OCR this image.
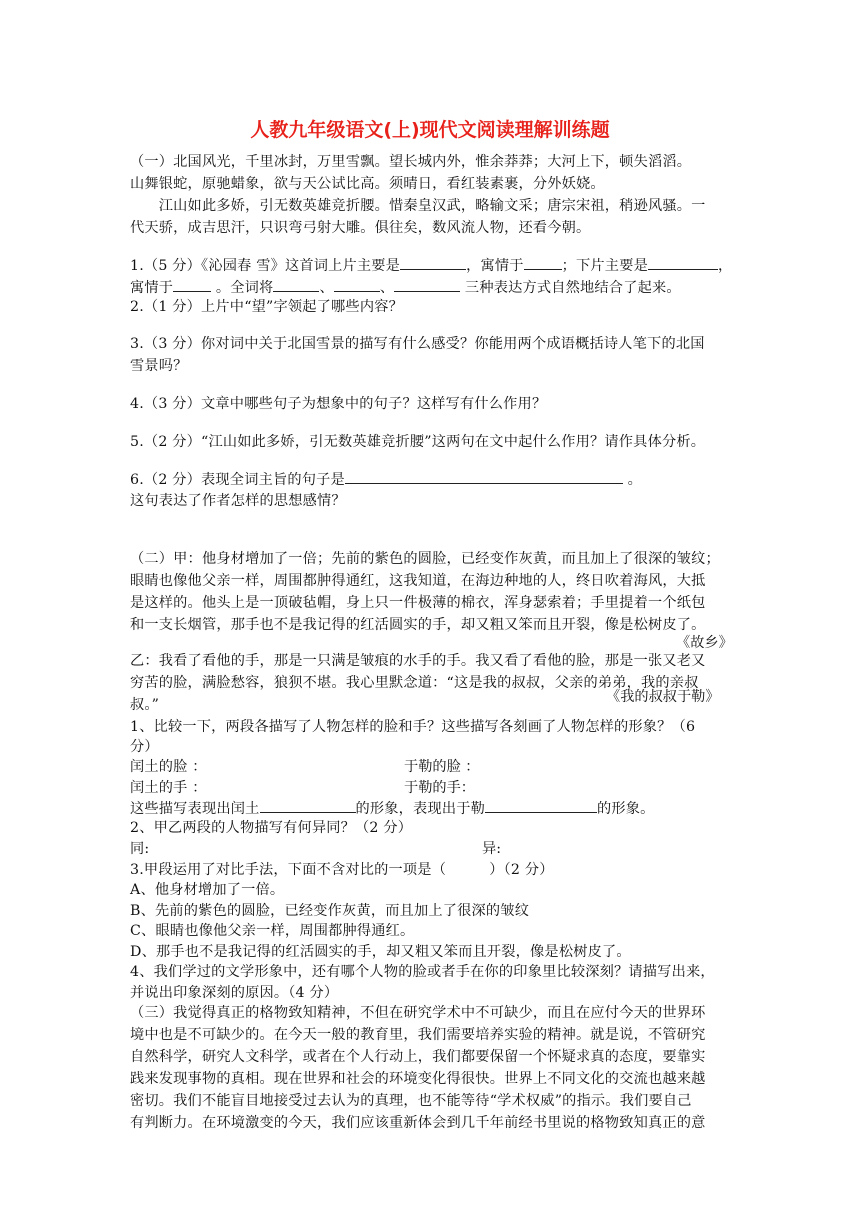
人教九年级语文(上)现代文阅读理解训练题
（一）北国风光，千里冰封，万里雪飘。望长城内外，惟余莽莽；大河上下，顿失滔滔。
山舞银蛇，原驰蜡象，欲与天公试比高。须晴日，看红装素裹，分外妖娆。
　　江山如此多娇，引无数英雄竞折腰。惜秦皇汉武，略输文采；唐宗宋祖，稍逊风骚。一
代天骄，成吉思汗，只识弯弓射大雕。俱往矣，数风流人物，还看今朝。
1.（5 分）《沁园春 雪》这首词上片主要是	，寓情于	；下片主要是	，
寓情于	。全词将	、	、	三种表达方式自然地结合了起来。
2.（1 分）上片中“望”字领起了哪些内容？
3.（3 分）你对词中关于北国雪景的描写有什么感受？你能用两个成语概括诗人笔下的北国
雪景吗？
4.（3 分）文章中哪些句子为想象中的句子？这样写有什么作用？
5.（2 分）“江山如此多娇，引无数英雄竞折腰”这两句在文中起什么作用？请作具体分析。
6.（2 分）表现全词主旨的句子是	。
这句表达了作者怎样的思想感情？
（二）甲：他身材增加了一倍；先前的紫色的圆脸，已经变作灰黄，而且加上了很深的皱纹；
眼睛也像他父亲一样，周围都肿得通红，这我知道，在海边种地的人，终日吹着海风，大抵
是这样的。他头上是一顶破毡帽，身上只一件极薄的棉衣，浑身瑟索着；手里提着一个纸包
和一支长烟管，那手也不是我记得的红活圆实的手，却又粗又笨而且开裂，像是松树皮了。
《故乡》
乙：我看了看他的手，那是一只满是皱痕的水手的手。我又看了看他的脸，那是一张又老又
穷苦的脸，满脸愁容，狼狈不堪。我心里默念道：“这是我的叔叔，父亲的弟弟，我的亲叔
叔。”	《我的叔叔于勒》
1、比较一下，两段各描写了人物怎样的脸和手？这些描写各刻画了人物怎样的形象？（6
分）
闰土的脸 ：	于勒的脸 ：
闰土的手 ：	于勒的手：
这些描写表现出闰土	的形象，表现出于勒	的形象。
2、甲乙两段的人物描写有何异同？（2 分）
同:	异:
3.甲段运用了对比手法，下面不含对比的一项是（　　　）（2 分）
A、他身材增加了一倍。
B、先前的紫色的圆脸，已经变作灰黄，而且加上了很深的皱纹
C、眼睛也像他父亲一样，周围都肿得通红。
D、那手也不是我记得的红活圆实的手，却又粗又笨而且开裂，像是松树皮了。
4、我们学过的文学形象中，还有哪个人物的脸或者手在你的印象里比较深刻？请描写出来，
并说出印象深刻的原因。（4 分）
（三）我觉得真正的格物致知精神，不但在研究学术中不可缺少，而且在应付今天的世界环
境中也是不可缺少的。在今天一般的教育里，我们需要培养实验的精神。就是说，不管研究
自然科学，研究人文科学，或者在个人行动上，我们都要保留一个怀疑求真的态度，要靠实
践来发现事物的真相。现在世界和社会的环境变化得很快。世界上不同文化的交流也越来越
密切。我们不能盲目地接受过去认为的真理，也不能等待“学术权威”的指示。我们要自己
有判断力。在环境激变的今天，我们应该重新体会到几千年前经书里说的格物致知真正的意
